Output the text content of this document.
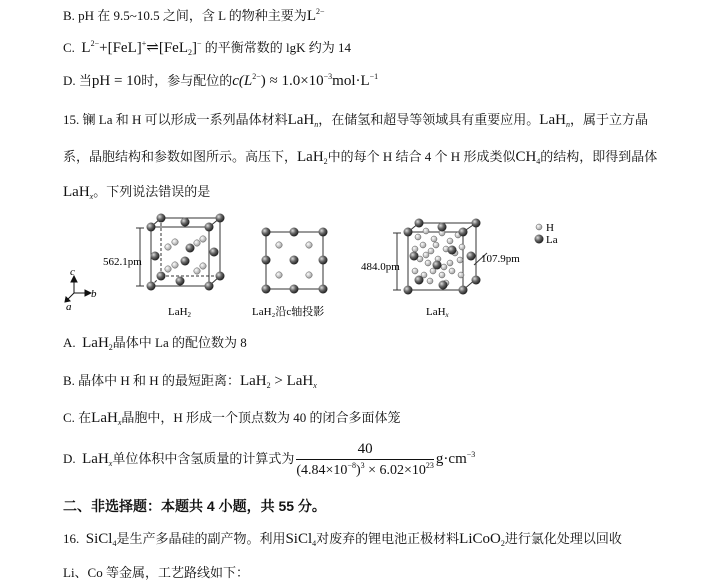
B. pH 在 9.5~10.5 之间，含 L 的物种主要为$L^{2-}$
C. $L^{2-}+[FeL]^+\rightleftharpoons[FeL_2]^-$ 的平衡常数的 lgK 约为 14
D. 当pH = 10时，参与配位的$c(L^{2-}) \approx 1.0\times 10^{-3}mol\cdot L^{-1}$
15. 镧 La 和 H 可以形成一系列晶体材料LaH$_n$，在储氢和超导等领域具有重要应用。LaH$_n$，属于立方晶
系，晶胞结构和参数如图所示。高压下，LaH$_2$中的每个 H 结合 4 个 H 形成类似$CH_4$的结构，即得到晶体
LaH$_x$。下列说法错误的是
c
b
a
562.1pm
LaH2	LaH₂沿c轴投影
484.0pm
107.9pm
LaHx
H
La
A. LaH$_2$晶体中 La 的配位数为 8
B. 晶体中 H 和 H 的最短距离：LaH$_2$ > LaH$_x$
C. 在LaH$_x$晶胞中，H 形成一个顶点数为 40 的闭合多面体笼
D. LaH$_x$单位体积中含氢质量的计算式为 $\frac{40}{(4.84\times 10^{-8})^3 \times 6.02\times 10^{23}} g\cdot cm^{-3}$
二、非选择题：本题共 4 小题，共 55 分。
16. SiCl$_4$是生产多晶硅的副产物。利用SiCl$_4$对废弃的锂电池正极材料LiCoO$_2$进行氯化处理以回收
Li、Co 等金属，工艺路线如下：
